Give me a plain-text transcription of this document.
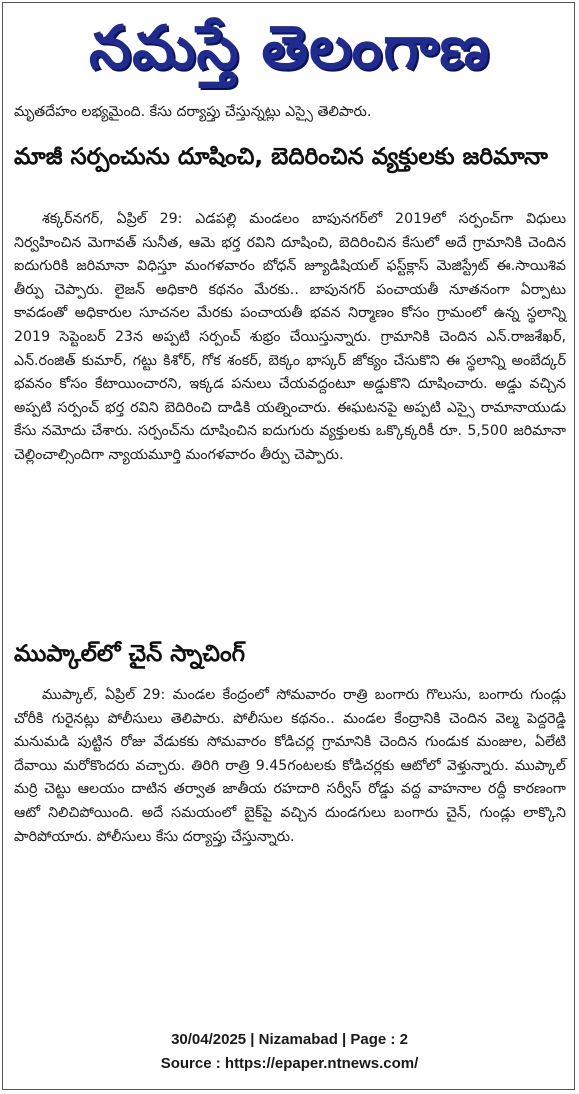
నమస్తే తెలంగాణ

మృతదేహం లభ్యమైంది. కేసు దర్యాప్తు చేస్తున్నట్లు ఎస్సై తెలిపారు.

మాజీ సర్పంచును దూషించి, బెదిరించిన వ్యక్తులకు జరిమానా

శక్కర్‌నగర్, ఏప్రిల్ 29: ఎడపల్లి మండలం బాపునగర్‌లో 2019లో సర్పంచ్‌గా విధులు నిర్వహించిన మెగావత్ సునీత, ఆమె భర్త రవిని దూషించి, బెదిరించిన కేసులో అదే గ్రామానికి చెందిన ఐదుగురికి జరిమానా విధిస్తూ మంగళవారం బోధన్ జ్యూడిషియల్ ఫస్ట్‌క్లాస్ మెజిస్ట్రేట్ ఈ.సాయిశివ తీర్పు చెప్పారు. లైజన్ అధికారి కథనం మేరకు.. బాపునగర్ పంచాయతీ నూతనంగా ఏర్పాటు కావడంతో అధికారుల సూచనల మేరకు పంచాయతీ భవన నిర్మాణం కోసం గ్రామంలో ఉన్న స్థలాన్ని 2019 సెప్టెంబర్ 23న అప్పటి సర్పంచ్ శుభ్రం చేయిస్తున్నారు. గ్రామానికి చెందిన ఎన్.రాజశేఖర్, ఎన్.రంజిత్ కుమార్, గట్టు కిశోర్, గోక శంకర్, బెక్కం భాస్కర్ జోక్యం చేసుకొని ఈ స్థలాన్ని అంబేద్కర్ భవనం కోసం కేటాయించారని, ఇక్కడ పనులు చేయవద్దంటూ అడ్డుకొని దూషించారు. అడ్డు వచ్చిన అప్పటి సర్పంచ్ భర్త రవిని బెదిరించి దాడికి యత్నించారు. ఈఘటనపై అప్పటి ఎస్సై రామానాయుడు కేసు నమోదు చేశారు. సర్పంచ్‌ను దూషించిన ఐదుగురు వ్యక్తులకు ఒక్కొక్కరికీ రూ. 5,500 జరిమానా చెల్లించాల్సిందిగా న్యాయమూర్తి మంగళవారం తీర్పు చెప్పారు.

ముప్కాల్‌లో చైన్ స్నాచింగ్

ముప్కాల్, ఏప్రిల్ 29: మండల కేంద్రంలో సోమవారం రాత్రి బంగారు గొలుసు, బంగారు గుండ్లు చోరీకి గురైనట్లు పోలీసులు తెలిపారు. పోలీసుల కథనం.. మండల కేంద్రానికి చెందిన వెల్మ పెద్దరెడ్డి మనుమడి పుట్టిన రోజు వేడుకకు సోమవారం కోడిచర్ల గ్రామానికి చెందిన గుండుక మంజుల, ఏలేటి దేవాయి మరోకొందరు వచ్చారు. తిరిగి రాత్రి 9.45గంటలకు కోడిచర్లకు ఆటోలో వెళ్తున్నారు. ముప్కాల్ మర్రి చెట్టు ఆలయం దాటిన తర్వాత జాతీయ రహదారి సర్వీస్ రోడ్డు వద్ద వాహనాల రద్దీ కారణంగా ఆటో నిలిచిపోయింది. అదే సమయంలో బైక్‌పై వచ్చిన దుండగులు బంగారు చైన్, గుండ్లు లాక్కొని పారిపోయారు. పోలీసులు కేసు దర్యాప్తు చేస్తున్నారు.

30/04/2025 | Nizamabad | Page : 2
Source : https://epaper.ntnews.com/
